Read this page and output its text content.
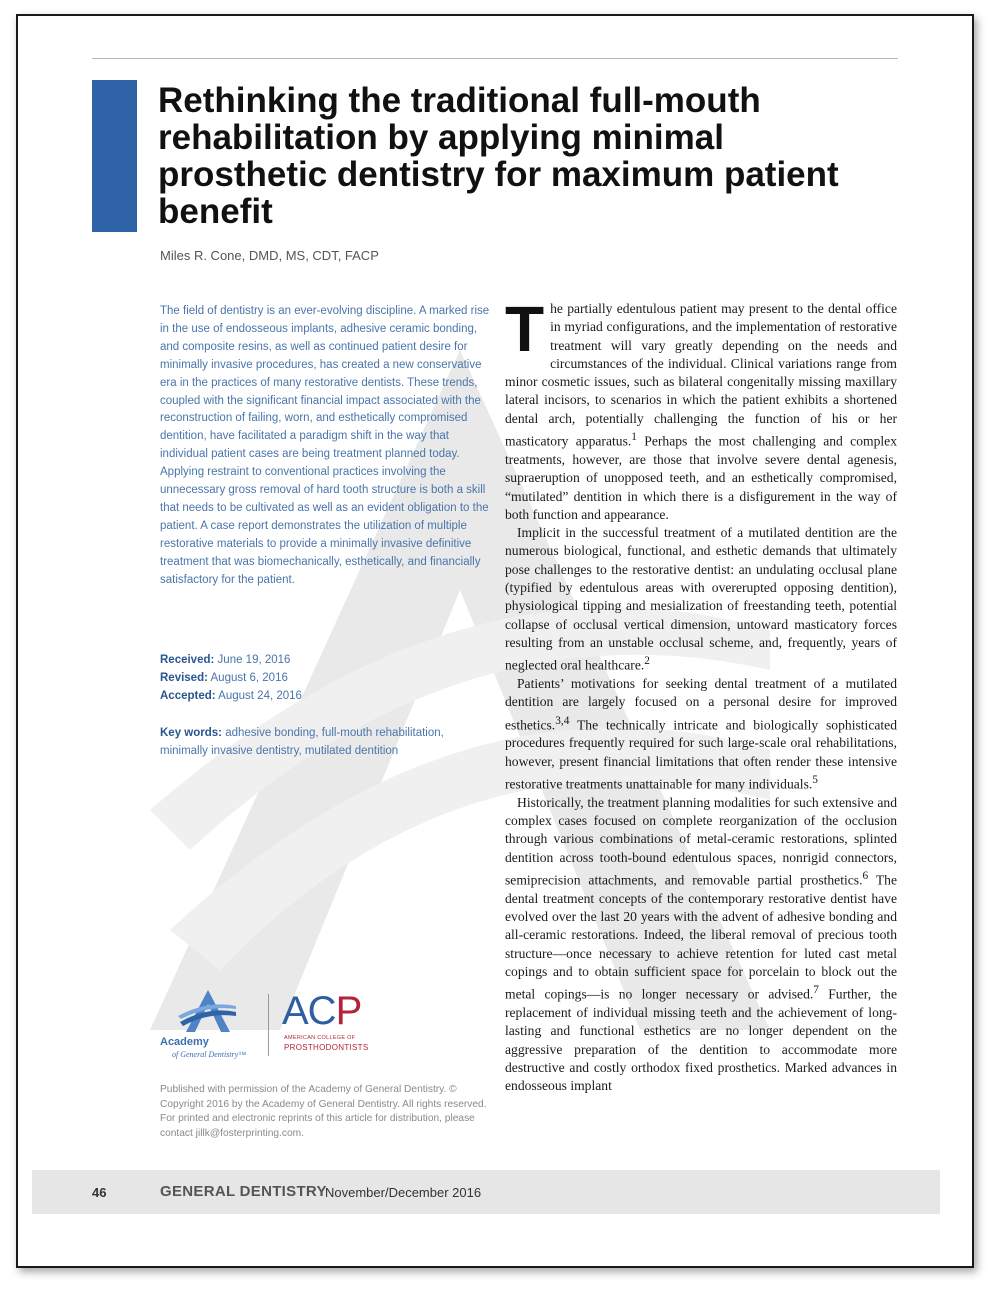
Rethinking the traditional full-mouth rehabilitation by applying minimal prosthetic dentistry for maximum patient benefit
Miles R. Cone, DMD, MS, CDT, FACP

The field of dentistry is an ever-evolving discipline. A marked rise in the use of endosseous implants, adhesive ceramic bonding, and composite resins, as well as continued patient desire for minimally invasive procedures, has created a new conservative era in the practices of many restorative dentists. These trends, coupled with the significant financial impact associated with the reconstruction of failing, worn, and esthetically compromised dentition, have facilitated a paradigm shift in the way that individual patient cases are being treatment planned today. Applying restraint to conventional practices involving the unnecessary gross removal of hard tooth structure is both a skill that needs to be cultivated as well as an evident obligation to the patient. A case report demonstrates the utilization of multiple restorative materials to provide a minimally invasive definitive treatment that was biomechanically, esthetically, and financially satisfactory for the patient.

Received: June 19, 2016
Revised: August 6, 2016
Accepted: August 24, 2016
Key words: adhesive bonding, full-mouth rehabilitation, minimally invasive dentistry, mutilated dentition

The partially edentulous patient may present to the dental office in myriad configurations, and the implementation of restorative treatment will vary greatly depending on the needs and circumstances of the individual. Clinical variations range from minor cosmetic issues, such as bilateral congenitally missing maxillary lateral incisors, to scenarios in which the patient exhibits a shortened dental arch, potentially challenging the function of his or her masticatory apparatus.$^1$ Perhaps the most challenging and complex treatments, however, are those that involve severe dental agenesis, supraeruption of unopposed teeth, and an esthetically compromised, “mutilated” dentition in which there is a disfigurement in the way of both function and appearance.

Implicit in the successful treatment of a mutilated dentition are the numerous biological, functional, and esthetic demands that ultimately pose challenges to the restorative dentist: an undulating occlusal plane (typified by edentulous areas with overerupted opposing dentition), physiological tipping and mesialization of freestanding teeth, potential collapse of occlusal vertical dimension, untoward masticatory forces resulting from an unstable occlusal scheme, and, frequently, years of neglected oral healthcare.$^2$

Patients’ motivations for seeking dental treatment of a mutilated dentition are largely focused on a personal desire for improved esthetics.$^{3,4}$ The technically intricate and biologically sophisticated procedures frequently required for such large-scale oral rehabilitations, however, present financial limitations that often render these intensive restorative treatments unattainable for many individuals.$^5$

Historically, the treatment planning modalities for such extensive and complex cases focused on complete reorganization of the occlusion through various combinations of metal-ceramic restorations, splinted dentition across tooth-bound edentulous spaces, nonrigid connectors, semiprecision attachments, and removable partial prosthetics.$^6$ The dental treatment concepts of the contemporary restorative dentist have evolved over the last 20 years with the advent of adhesive bonding and all-ceramic restorations. Indeed, the liberal removal of precious tooth structure—once necessary to achieve retention for luted cast metal copings and to obtain sufficient space for porcelain to block out the metal copings—is no longer necessary or advised.$^7$ Further, the replacement of individual missing teeth and the achievement of long-lasting and functional esthetics are no longer dependent on the aggressive preparation of the dentition to accommodate more destructive and costly orthodox fixed prosthetics. Marked advances in endosseous implant

Academy
of General Dentistry™
ACP
AMERICAN COLLEGE OF
PROSTHODONTISTS
Published with permission of the Academy of General Dentistry. © Copyright 2016 by the Academy of General Dentistry. All rights reserved. For printed and electronic reprints of this article for distribution, please contact jillk@fosterprinting.com.
46	GENERAL DENTISTRY
November/December 2016
